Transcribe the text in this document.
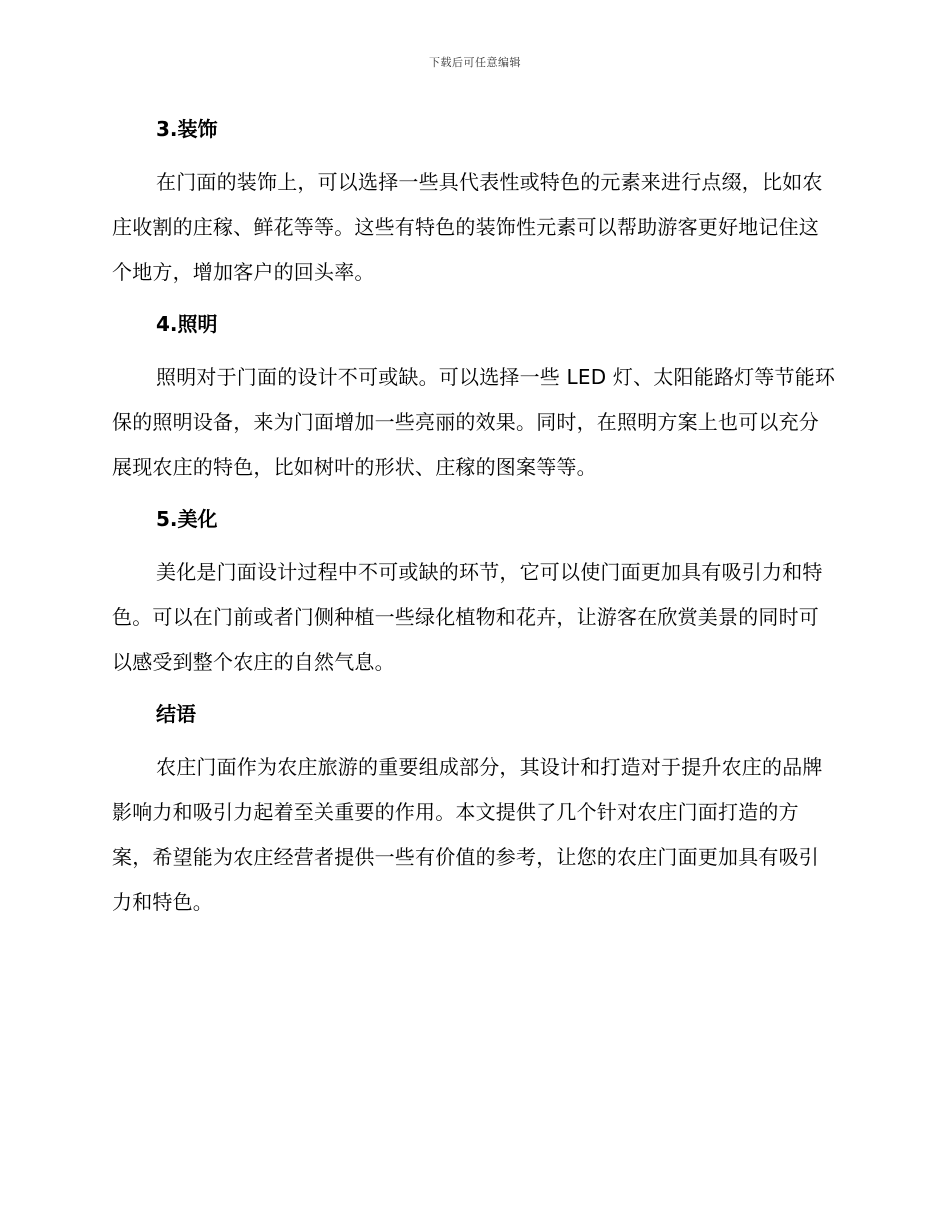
下载后可任意编辑
3.装饰

在门面的装饰上，可以选择一些具代表性或特色的元素来进行点缀，比如农庄收割的庄稼、鲜花等等。这些有特色的装饰性元素可以帮助游客更好地记住这个地方，增加客户的回头率。

4.照明

照明对于门面的设计不可或缺。可以选择一些 LED 灯、太阳能路灯等节能环保的照明设备，来为门面增加一些亮丽的效果。同时，在照明方案上也可以充分展现农庄的特色，比如树叶的形状、庄稼的图案等等。

5.美化

美化是门面设计过程中不可或缺的环节，它可以使门面更加具有吸引力和特色。可以在门前或者门侧种植一些绿化植物和花卉，让游客在欣赏美景的同时可以感受到整个农庄的自然气息。

结语

农庄门面作为农庄旅游的重要组成部分，其设计和打造对于提升农庄的品牌影响力和吸引力起着至关重要的作用。本文提供了几个针对农庄门面打造的方案，希望能为农庄经营者提供一些有价值的参考，让您的农庄门面更加具有吸引力和特色。
